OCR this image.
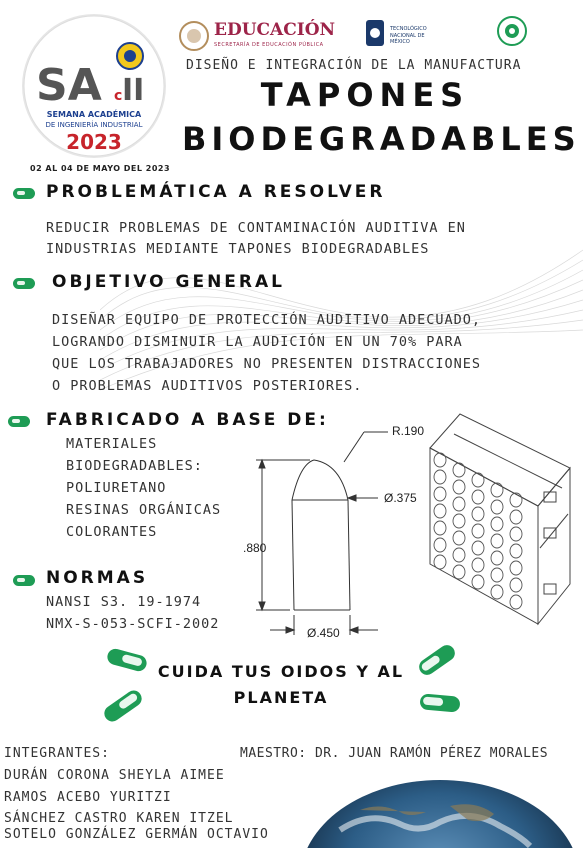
SA c II
SEMANA ACADÉMICA
DE INGENIERÍA INDUSTRIAL
2023
EDUCACIÓN
SECRETARÍA DE EDUCACIÓN PÚBLICA
TECNOLÓGICO
NACIONAL DE MÉXICO
DISEÑO E INTEGRACIÓN DE LA MANUFACTURA
TAPONES
BIODEGRADABLES
02 AL 04 DE MAYO DEL 2023
PROBLEMÁTICA A RESOLVER
REDUCIR PROBLEMAS DE CONTAMINACIÓN AUDITIVA EN
INDUSTRIAS MEDIANTE TAPONES BIODEGRADABLES
OBJETIVO GENERAL
DISEÑAR EQUIPO DE PROTECCIÓN AUDITIVO ADECUADO,
LOGRANDO DISMINUIR LA AUDICIÓN EN UN 70% PARA
QUE LOS TRABAJADORES NO PRESENTEN DISTRACCIONES
O PROBLEMAS AUDITIVOS POSTERIORES.
FABRICADO A BASE DE:
MATERIALES
BIODEGRADABLES:
POLIURETANO
RESINAS ORGÁNICAS
COLORANTES
NORMAS
NANSI S3. 19-1974
NMX-S-053-SCFI-2002
R.190
Ø.375
.880
Ø.450
CUIDA TUS OIDOS Y AL
PLANETA
INTEGRANTES:	MAESTRO: DR. JUAN RAMÓN PÉREZ MORALES
DURÁN CORONA SHEYLA AIMEE
RAMOS ACEBO YURITZI
SÁNCHEZ CASTRO KAREN ITZEL
SOTELO GONZÁLEZ GERMÁN OCTAVIO
